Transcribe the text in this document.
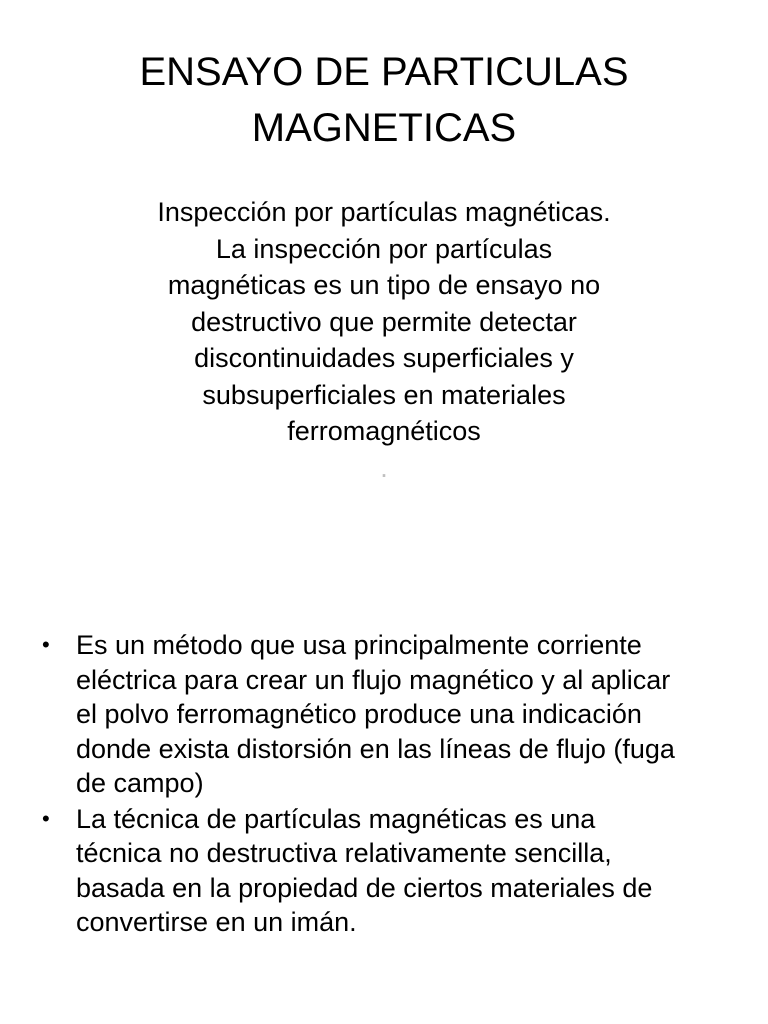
ENSAYO DE PARTICULAS
MAGNETICAS
Inspección por partículas magnéticas.
La inspección por partículas
magnéticas es un tipo de ensayo no
destructivo que permite detectar
discontinuidades superficiales y
subsuperficiales en materiales
ferromagnéticos
.
• Es un método que usa principalmente corriente
eléctrica para crear un flujo magnético y al aplicar
el polvo ferromagnético produce una indicación
donde exista distorsión en las líneas de flujo (fuga
de campo)
• La técnica de partículas magnéticas es una
técnica no destructiva relativamente sencilla,
basada en la propiedad de ciertos materiales de
convertirse en un imán.
